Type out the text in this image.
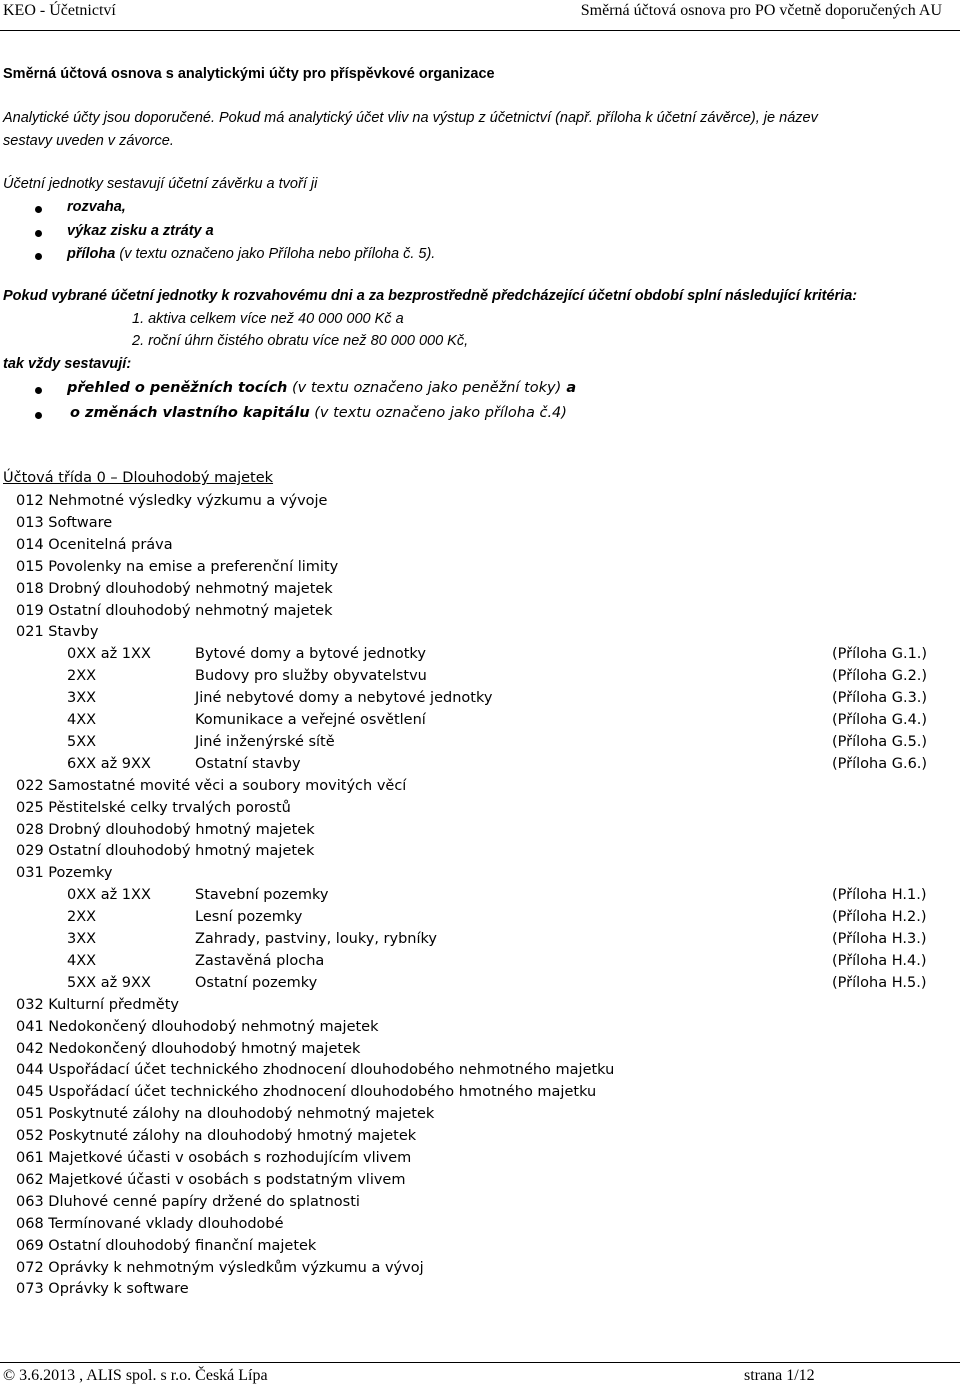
KEO - Účetnictví	Směrná účtová osnova pro PO včetně doporučených AU
Směrná účtová osnova s analytickými účty pro příspěvkové organizace
Analytické účty jsou doporučené. Pokud má analytický účet vliv na výstup z účetnictví (např. příloha k účetní závěrce), je název
sestavy uveden v závorce.
Účetní jednotky sestavují účetní závěrku a tvoří ji
rozvaha,
výkaz zisku a ztráty a
příloha (v textu označeno jako Příloha nebo příloha č. 5).
Pokud vybrané účetní jednotky k rozvahovému dni a za bezprostředně předcházející účetní období splní následující kritéria:
1. aktiva celkem více než 40 000 000 Kč a
2. roční úhrn čistého obratu více než 80 000 000 Kč,
tak vždy sestavují:
přehled o peněžních tocích (v textu označeno jako peněžní toky) a
o změnách vlastního kapitálu (v textu označeno jako příloha č.4)
Účtová třída 0 – Dlouhodobý majetek
012 Nehmotné výsledky výzkumu a vývoje
013 Software
014 Ocenitelná práva
015 Povolenky na emise a preferenční limity
018 Drobný dlouhodobý nehmotný majetek
019 Ostatní dlouhodobý nehmotný majetek
021 Stavby
0XX až 1XX	Bytové domy a bytové jednotky	(Příloha G.1.)
2XX	Budovy pro služby obyvatelstvu	(Příloha G.2.)
3XX	Jiné nebytové domy a nebytové jednotky	(Příloha G.3.)
4XX	Komunikace a veřejné osvětlení	(Příloha G.4.)
5XX	Jiné inženýrské sítě	(Příloha G.5.)
6XX až 9XX	Ostatní stavby	(Příloha G.6.)
022 Samostatné movité věci a soubory movitých věcí
025 Pěstitelské celky trvalých porostů
028 Drobný dlouhodobý hmotný majetek
029 Ostatní dlouhodobý hmotný majetek
031 Pozemky
0XX až 1XX	Stavební pozemky	(Příloha H.1.)
2XX	Lesní pozemky	(Příloha H.2.)
3XX	Zahrady, pastviny, louky, rybníky	(Příloha H.3.)
4XX	Zastavěná plocha	(Příloha H.4.)
5XX až 9XX	Ostatní pozemky	(Příloha H.5.)
032 Kulturní předměty
041 Nedokončený dlouhodobý nehmotný majetek
042 Nedokončený dlouhodobý hmotný majetek
044 Uspořádací účet technického zhodnocení dlouhodobého nehmotného majetku
045 Uspořádací účet technického zhodnocení dlouhodobého hmotného majetku
051 Poskytnuté zálohy na dlouhodobý nehmotný majetek
052 Poskytnuté zálohy na dlouhodobý hmotný majetek
061 Majetkové účasti v osobách s rozhodujícím vlivem
062 Majetkové účasti v osobách s podstatným vlivem
063 Dluhové cenné papíry držené do splatnosti
068 Termínované vklady dlouhodobé
069 Ostatní dlouhodobý finanční majetek
072 Oprávky k nehmotným výsledkům výzkumu a vývoj
073 Oprávky k software
© 3.6.2013 , ALIS spol. s r.o. Česká Lípa	strana 1/12
